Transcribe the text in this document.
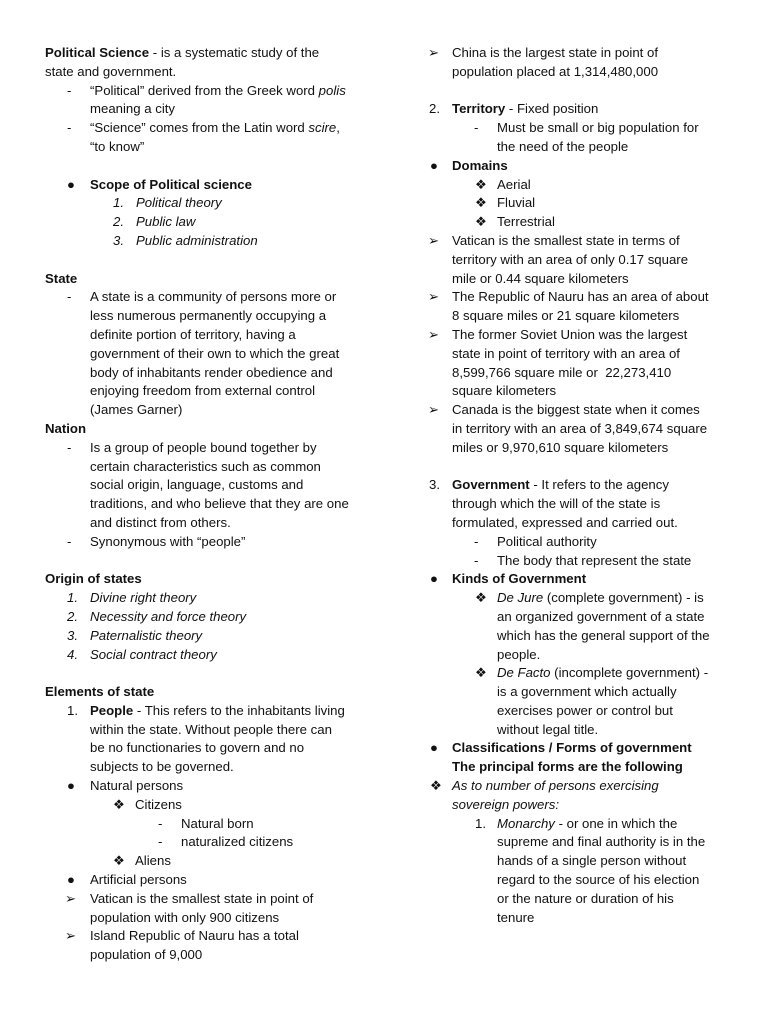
Political Science - is a systematic study of the
state and government.
- “Political” derived from the Greek word polis
meaning a city
- “Science” comes from the Latin word scire,
“to know”
● Scope of Political science
1. Political theory
2. Public law
3. Public administration
State
- A state is a community of persons more or
less numerous permanently occupying a
definite portion of territory, having a
government of their own to which the great
body of inhabitants render obedience and
enjoying freedom from external control
(James Garner)
Nation
- Is a group of people bound together by
certain characteristics such as common
social origin, language, customs and
traditions, and who believe that they are one
and distinct from others.
- Synonymous with “people”
Origin of states
1. Divine right theory
2. Necessity and force theory
3. Paternalistic theory
4. Social contract theory
Elements of state
1. People - This refers to the inhabitants living
within the state. Without people there can
be no functionaries to govern and no
subjects to be governed.
● Natural persons
❖ Citizens
- Natural born
- naturalized citizens
❖ Aliens
● Artificial persons
➢ Vatican is the smallest state in point of
population with only 900 citizens
➢ Island Republic of Nauru has a total
population of 9,000
➢ China is the largest state in point of
population placed at 1,314,480,000
2. Territory - Fixed position
- Must be small or big population for
the need of the people
● Domains
❖ Aerial
❖ Fluvial
❖ Terrestrial
➢ Vatican is the smallest state in terms of
territory with an area of only 0.17 square
mile or 0.44 square kilometers
➢ The Republic of Nauru has an area of about
8 square miles or 21 square kilometers
➢ The former Soviet Union was the largest
state in point of territory with an area of
8,599,766 square mile or  22,273,410
square kilometers
➢ Canada is the biggest state when it comes
in territory with an area of 3,849,674 square
miles or 9,970,610 square kilometers
3. Government - It refers to the agency
through which the will of the state is
formulated, expressed and carried out.
- Political authority
- The body that represent the state
● Kinds of Government
❖ De Jure (complete government) - is
an organized government of a state
which has the general support of the
people.
❖ De Facto (incomplete government) -
is a government which actually
exercises power or control but
without legal title.
● Classifications / Forms of government
The principal forms are the following
❖ As to number of persons exercising
sovereign powers:
1. Monarchy - or one in which the
supreme and final authority is in the
hands of a single person without
regard to the source of his election
or the nature or duration of his
tenure
